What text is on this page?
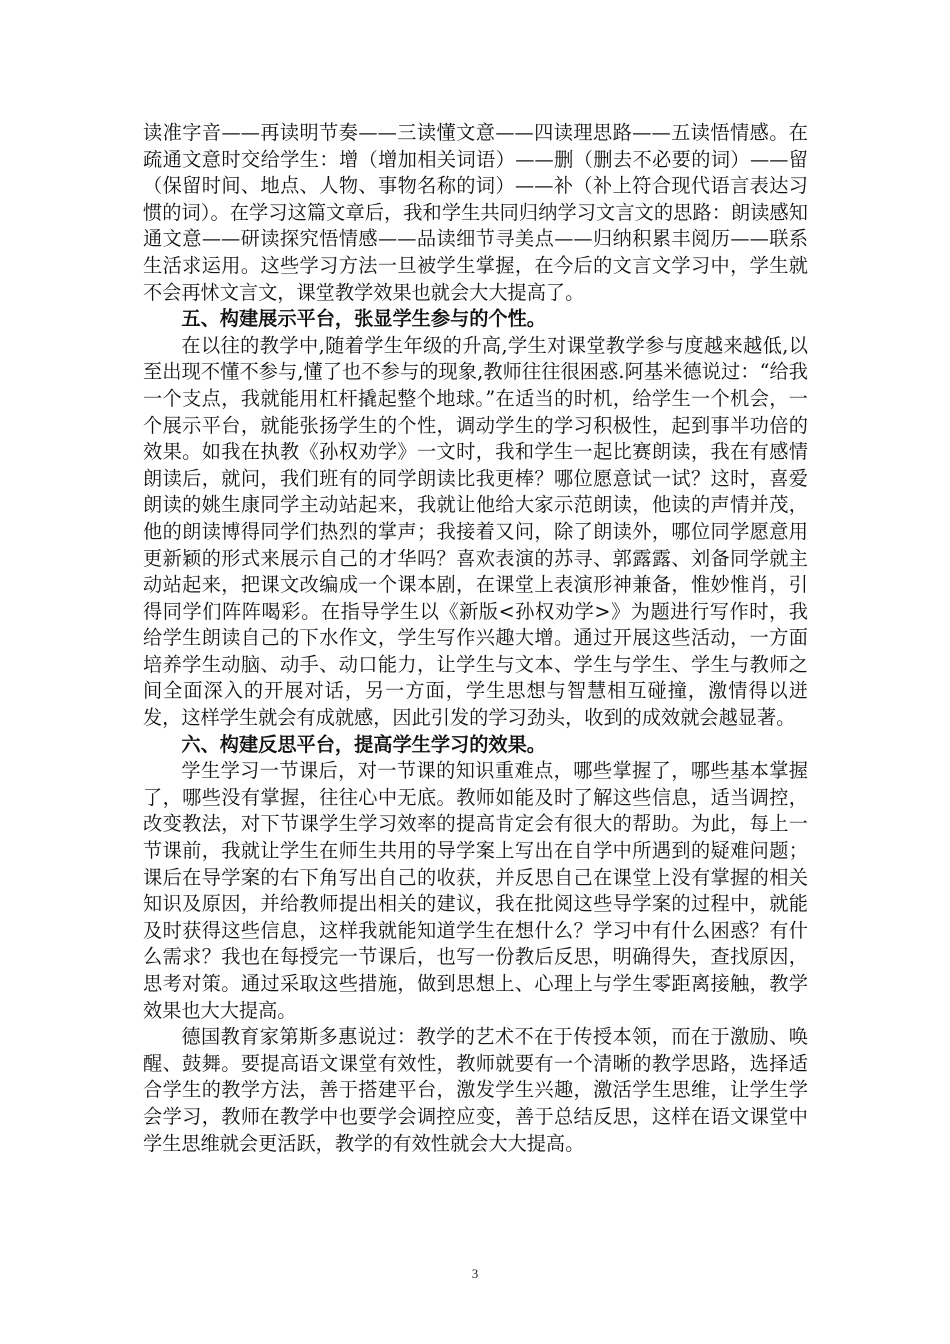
读准字音——再读明节奏——三读懂文意——四读理思路——五读悟情感。在疏通文意时交给学生：增（增加相关词语）——删（删去不必要的词）——留（保留时间、地点、人物、事物名称的词）——补（补上符合现代语言表达习惯的词）。在学习这篇文章后，我和学生共同归纳学习文言文的思路：朗读感知通文意——研读探究悟情感——品读细节寻美点——归纳积累丰阅历——联系生活求运用。这些学习方法一旦被学生掌握，在今后的文言文学习中，学生就不会再怵文言文，课堂教学效果也就会大大提高了。

五、构建展示平台，张显学生参与的个性。

在以往的教学中,随着学生年级的升高,学生对课堂教学参与度越来越低,以至出现不懂不参与,懂了也不参与的现象,教师往往很困惑.阿基米德说过：“给我一个支点，我就能用杠杆撬起整个地球。”在适当的时机，给学生一个机会，一个展示平台，就能张扬学生的个性，调动学生的学习积极性，起到事半功倍的效果。如我在执教《孙权劝学》一文时，我和学生一起比赛朗读，我在有感情朗读后，就问，我们班有的同学朗读比我更棒？哪位愿意试一试？这时，喜爱朗读的姚生康同学主动站起来，我就让他给大家示范朗读，他读的声情并茂，他的朗读博得同学们热烈的掌声；我接着又问，除了朗读外，哪位同学愿意用更新颖的形式来展示自己的才华吗？喜欢表演的苏寻、郭露露、刘备同学就主动站起来，把课文改编成一个课本剧，在课堂上表演形神兼备，惟妙惟肖，引得同学们阵阵喝彩。在指导学生以《新版<孙权劝学>》为题进行写作时，我给学生朗读自己的下水作文，学生写作兴趣大增。通过开展这些活动，一方面培养学生动脑、动手、动口能力，让学生与文本、学生与学生、学生与教师之间全面深入的开展对话，另一方面，学生思想与智慧相互碰撞，激情得以迸发，这样学生就会有成就感，因此引发的学习劲头，收到的成效就会越显著。

六、构建反思平台，提高学生学习的效果。

学生学习一节课后，对一节课的知识重难点，哪些掌握了，哪些基本掌握了，哪些没有掌握，往往心中无底。教师如能及时了解这些信息，适当调控，改变教法，对下节课学生学习效率的提高肯定会有很大的帮助。为此，每上一节课前，我就让学生在师生共用的导学案上写出在自学中所遇到的疑难问题；课后在导学案的右下角写出自己的收获，并反思自己在课堂上没有掌握的相关知识及原因，并给教师提出相关的建议，我在批阅这些导学案的过程中，就能及时获得这些信息，这样我就能知道学生在想什么？学习中有什么困惑？有什么需求？我也在每授完一节课后，也写一份教后反思，明确得失，查找原因，思考对策。通过采取这些措施，做到思想上、心理上与学生零距离接触，教学效果也大大提高。

德国教育家第斯多惠说过：教学的艺术不在于传授本领，而在于激励、唤醒、鼓舞。要提高语文课堂有效性，教师就要有一个清晰的教学思路，选择适合学生的教学方法，善于搭建平台，激发学生兴趣，激活学生思维，让学生学会学习，教师在教学中也要学会调控应变，善于总结反思，这样在语文课堂中学生思维就会更活跃，教学的有效性就会大大提高。

3
